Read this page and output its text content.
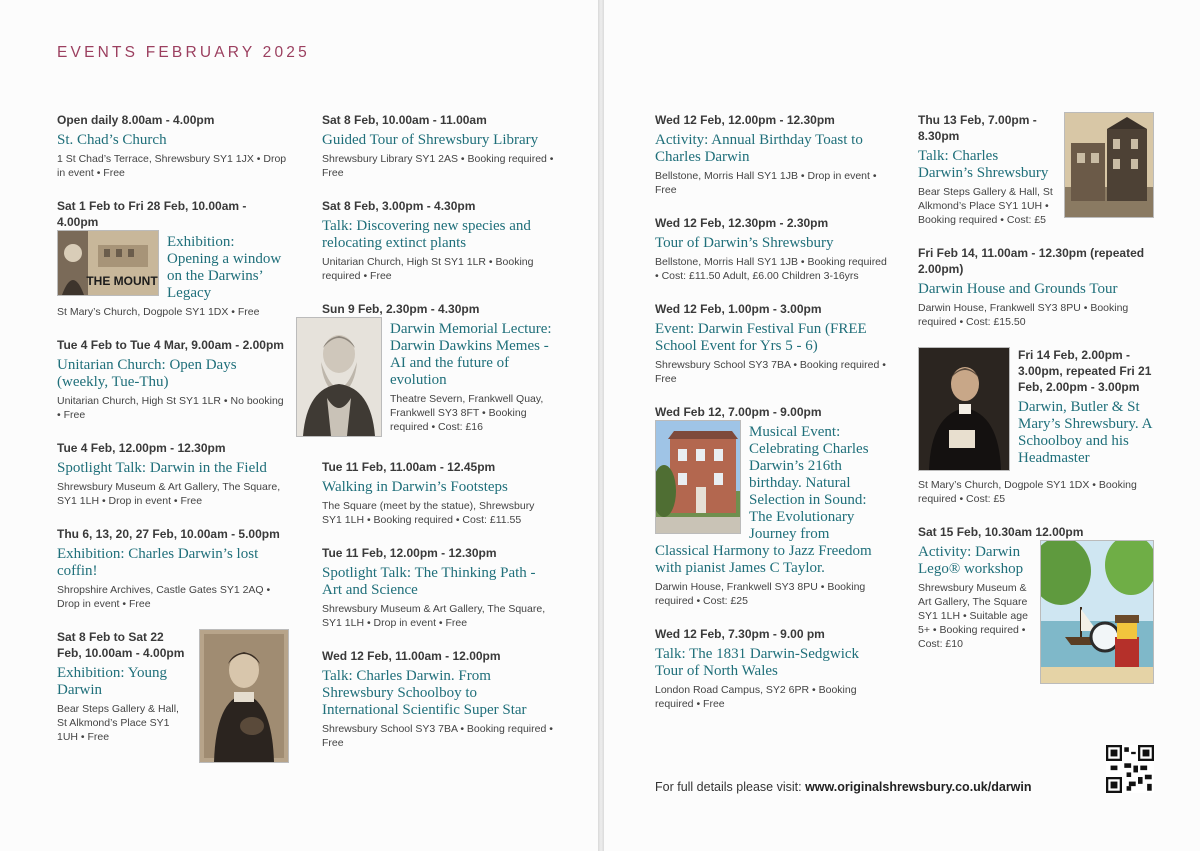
EVENTS FEBRUARY 2025
Open daily 8.00am - 4.00pm
St. Chad’s Church
1 St Chad’s Terrace, Shrewsbury SY1 1JX • Drop in event • Free
Sat 1 Feb to Fri 28 Feb, 10.00am - 4.00pm
THE MOUNT
Exhibition: Opening a window on the Darwins’ Legacy
St Mary’s Church, Dogpole SY1 1DX • Free
Tue 4 Feb to Tue 4 Mar, 9.00am - 2.00pm
Unitarian Church: Open Days (weekly, Tue-Thu)
Unitarian Church, High St SY1 1LR • No booking • Free
Tue 4 Feb, 12.00pm - 12.30pm
Spotlight Talk: Darwin in the Field
Shrewsbury Museum & Art Gallery, The Square, SY1 1LH • Drop in event • Free
Thu 6, 13, 20, 27 Feb, 10.00am - 5.00pm
Exhibition: Charles Darwin’s lost coffin!
Shropshire Archives, Castle Gates SY1 2AQ • Drop in event • Free
Sat 8 Feb to Sat 22 Feb, 10.00am - 4.00pm
Exhibition: Young Darwin
Bear Steps Gallery & Hall, St Alkmond’s Place SY1 1UH • Free
Sat 8 Feb, 10.00am - 11.00am
Guided Tour of Shrewsbury Library
Shrewsbury Library SY1 2AS • Booking required • Free
Sat 8 Feb, 3.00pm - 4.30pm
Talk: Discovering new species and relocating extinct plants
Unitarian Church, High St SY1 1LR • Booking required • Free
Sun 9 Feb, 2.30pm - 4.30pm
Darwin Memorial Lecture: Darwin Dawkins Memes - AI and the future of evolution
Theatre Severn, Frankwell Quay, Frankwell SY3 8FT • Booking required • Cost: £16
Tue 11 Feb, 11.00am - 12.45pm
Walking in Darwin’s Footsteps
The Square (meet by the statue), Shrewsbury SY1 1LH • Booking required • Cost: £11.55
Tue 11 Feb, 12.00pm - 12.30pm
Spotlight Talk: The Thinking Path - Art and Science
Shrewsbury Museum & Art Gallery, The Square, SY1 1LH • Drop in event • Free
Wed 12 Feb, 11.00am - 12.00pm
Talk: Charles Darwin. From Shrewsbury Schoolboy to International Scientific Super Star
Shrewsbury School SY3 7BA • Booking required • Free
Wed 12 Feb, 12.00pm - 12.30pm
Activity: Annual Birthday Toast to Charles Darwin
Bellstone, Morris Hall SY1 1JB • Drop in event • Free
Wed 12 Feb, 12.30pm - 2.30pm
Tour of Darwin’s Shrewsbury
Bellstone, Morris Hall SY1 1JB • Booking required • Cost: £11.50 Adult, £6.00 Children 3-16yrs
Wed 12 Feb, 1.00pm - 3.00pm
Event: Darwin Festival Fun (FREE School Event for Yrs 5 - 6)
Shrewsbury School SY3 7BA • Booking required • Free
Wed Feb 12, 7.00pm - 9.00pm
Musical Event: Celebrating Charles Darwin’s 216th birthday. Natural Selection in Sound: The Evolutionary Journey from Classical Harmony to Jazz Freedom with pianist James C Taylor.
Darwin House, Frankwell SY3 8PU • Booking required • Cost: £25
Wed 12 Feb, 7.30pm - 9.00 pm
Talk: The 1831 Darwin-Sedgwick Tour of North Wales
London Road Campus, SY2 6PR • Booking required • Free
Thu 13 Feb, 7.00pm - 8.30pm
Talk: Charles Darwin’s Shrewsbury
Bear Steps Gallery & Hall, St Alkmond’s Place SY1 1UH • Booking required • Cost: £5
Fri Feb 14, 11.00am - 12.30pm (repeated 2.00pm)
Darwin House and Grounds Tour
Darwin House, Frankwell SY3 8PU • Booking required • Cost: £15.50
Fri 14 Feb, 2.00pm - 3.00pm, repeated Fri 21 Feb, 2.00pm - 3.00pm
Darwin, Butler & St Mary’s Shrewsbury. A Schoolboy and his Headmaster
St Mary’s Church, Dogpole SY1 1DX • Booking required • Cost: £5
Sat 15 Feb, 10.30am 12.00pm
Activity: Darwin Lego® workshop
Shrewsbury Museum & Art Gallery, The Square SY1 1LH • Suitable age 5+ • Booking required • Cost: £10
For full details please visit: www.originalshrewsbury.co.uk/darwin
